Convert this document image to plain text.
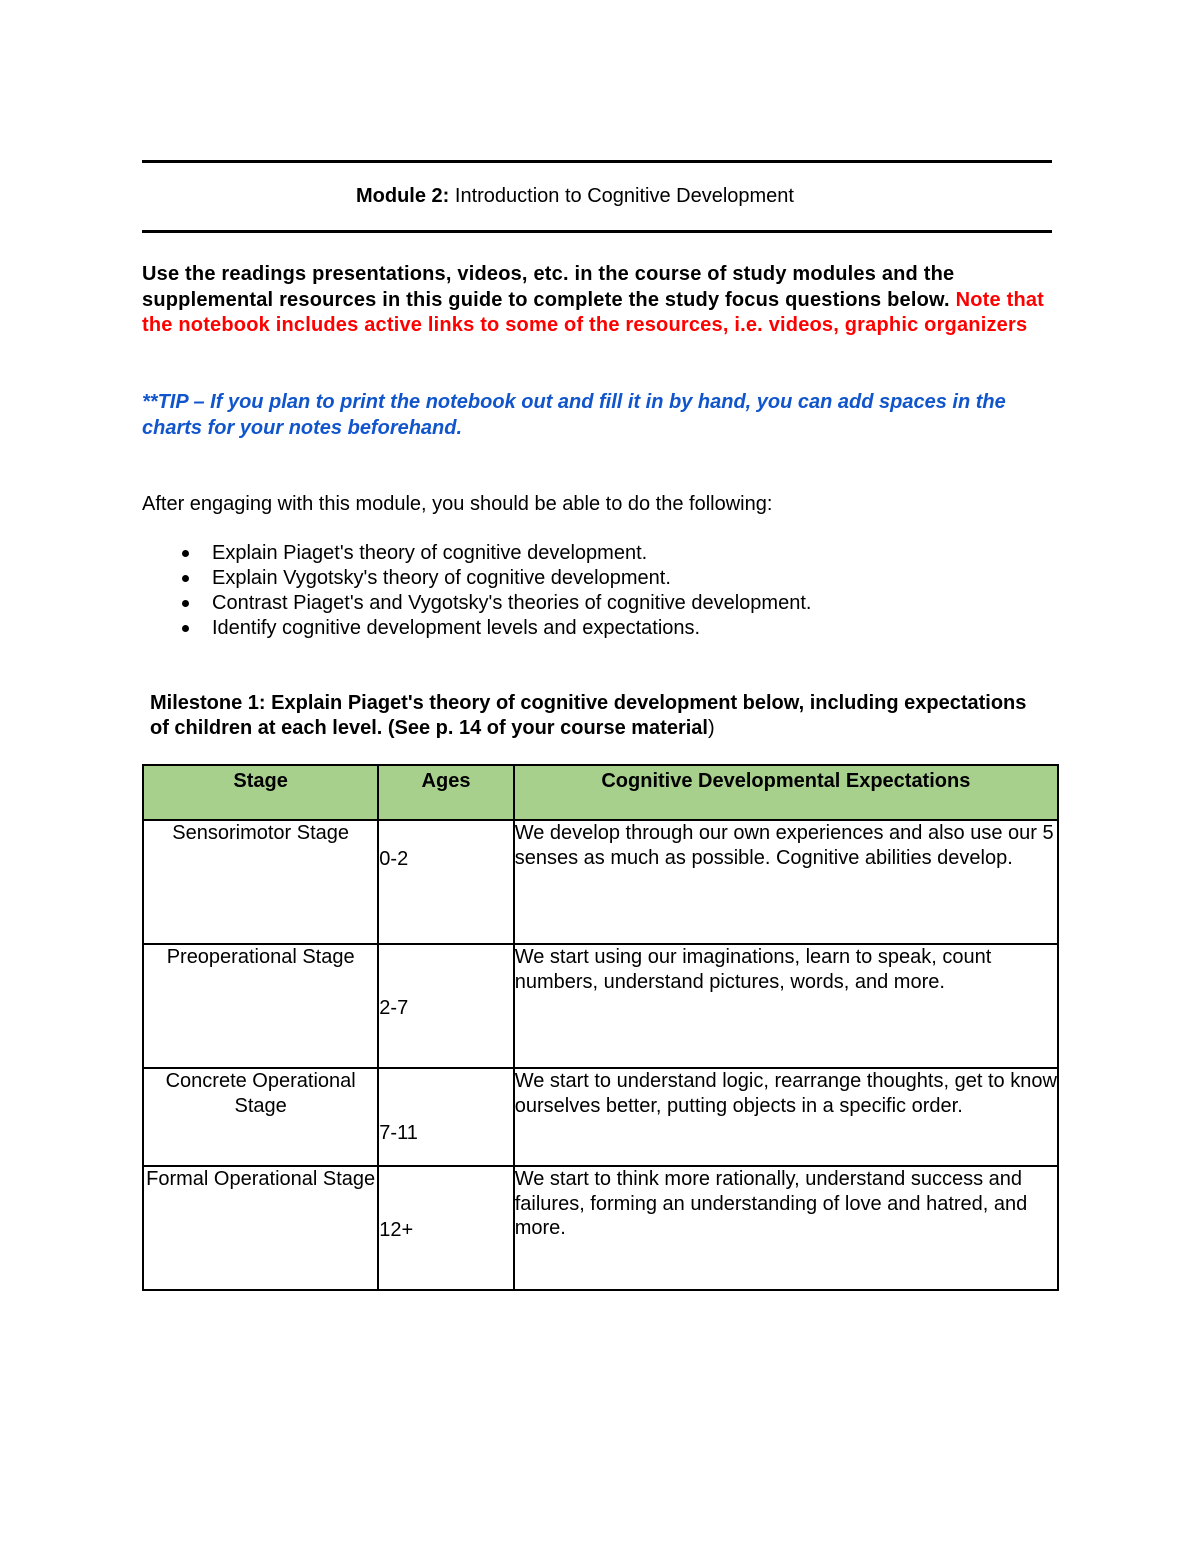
Module 2: Introduction to Cognitive Development
Use the readings presentations, videos, etc. in the course of study modules and the supplemental resources in this guide to complete the study focus questions below. Note that the notebook includes active links to some of the resources, i.e. videos, graphic organizers
**TIP – If you plan to print the notebook out and fill it in by hand, you can add spaces in the charts for your notes beforehand.
After engaging with this module, you should be able to do the following:
Explain Piaget's theory of cognitive development.
Explain Vygotsky's theory of cognitive development.
Contrast Piaget's and Vygotsky's theories of cognitive development.
Identify cognitive development levels and expectations.
Milestone 1: Explain Piaget's theory of cognitive development below, including expectations of children at each level. (See p. 14 of your course material)
Stage	Ages	Cognitive Developmental Expectations
Sensorimotor Stage	0-2	We develop through our own experiences and also use our 5 senses as much as possible. Cognitive abilities develop.
Preoperational Stage	2-7	We start using our imaginations, learn to speak, count numbers, understand pictures, words, and more.
Concrete Operational Stage	7-11	We start to understand logic, rearrange thoughts, get to know ourselves better, putting objects in a specific order.
Formal Operational Stage	12+	We start to think more rationally, understand success and failures, forming an understanding of love and hatred, and more.
